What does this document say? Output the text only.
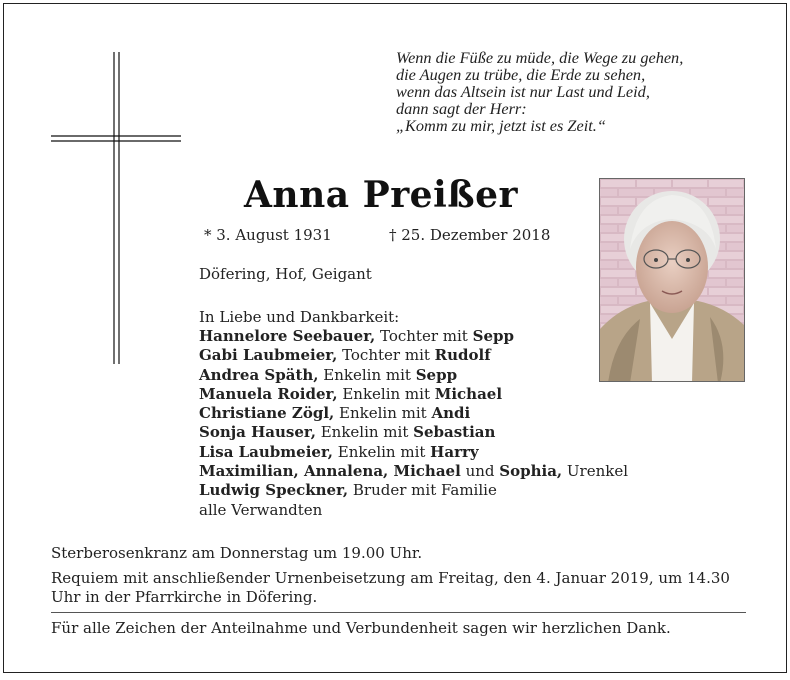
Wenn die Füße zu müde, die Wege zu gehen,
die Augen zu trübe, die Erde zu sehen,
wenn das Altsein ist nur Last und Leid,
dann sagt der Herr:
„Komm zu mir, jetzt ist es Zeit.“
Anna Preißer
* 3. August 1931	† 25. Dezember 2018
Döfering, Hof, Geigant
In Liebe und Dankbarkeit:
Hannelore Seebauer, Tochter mit Sepp
Gabi Laubmeier, Tochter mit Rudolf
Andrea Späth, Enkelin mit Sepp
Manuela Roider, Enkelin mit Michael
Christiane Zögl, Enkelin mit Andi
Sonja Hauser, Enkelin mit Sebastian
Lisa Laubmeier, Enkelin mit Harry
Maximilian, Annalena, Michael und Sophia, Urenkel
Ludwig Speckner, Bruder mit Familie
alle Verwandten
Sterberosenkranz am Donnerstag um 19.00 Uhr.
Requiem mit anschließender Urnenbeisetzung am Freitag, den 4. Januar 2019, um 14.30 Uhr in der Pfarrkirche in Döfering.
Für alle Zeichen der Anteilnahme und Verbundenheit sagen wir herzlichen Dank.
